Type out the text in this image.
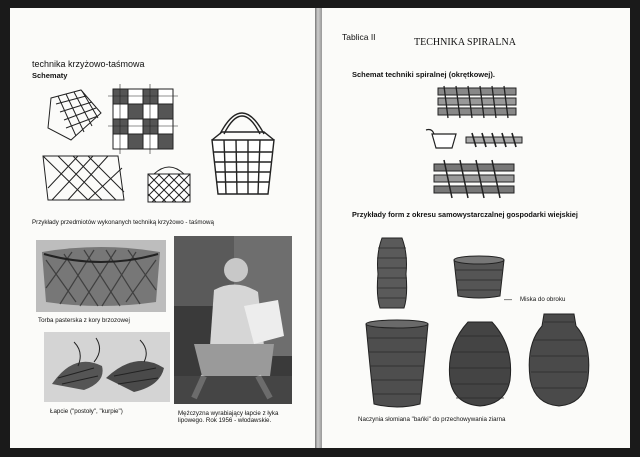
technika krzyżowo-taśmowa
Schematy
Przykłady przedmiotów wykonanych techniką krzyżowo - taśmową
Torba pasterska z kory brzozowej
Łapcie ("postoły", "kurpie")	Mężczyzna wyrabiający łapcie z łyka
lipowego. Rok 1956 - włodawskie.
Tablica II	TECHNIKA SPIRALNA
Schemat techniki spiralnej (okrętkowej).
Przykłady form z okresu samowystarczalnej gospodarki wiejskiej
— Miska do obroku
Naczynia słomiana "bańki" do przechowywania ziarna
